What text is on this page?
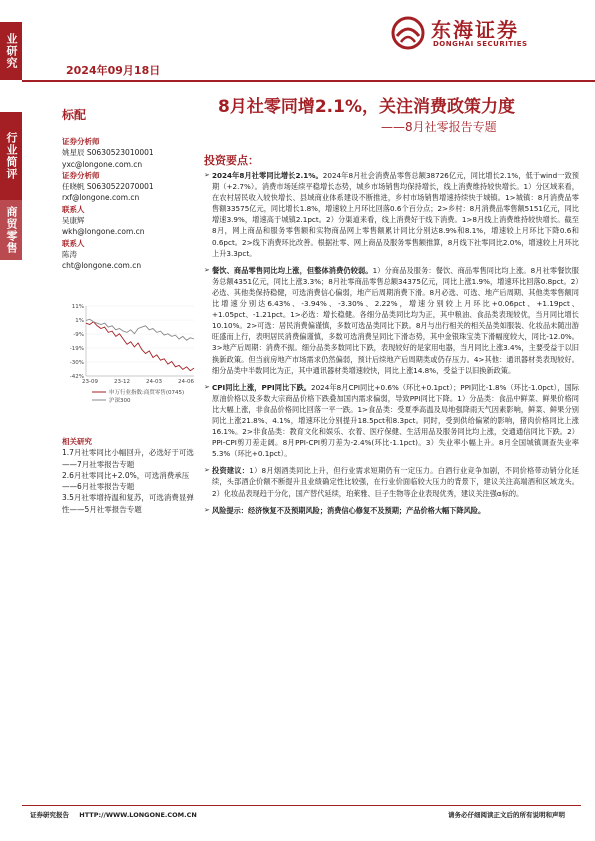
业研究
行业简评
商贸零售
2024年09月18日
东海证券
DONGHAI SECURITIES
标配	8月社零同增2.1%，关注消费政策力度
——8月社零报告专题
证券分析师
姚星辰 S0630523010001
yxc@longone.com.cn
证券分析师
任晓帆 S0630522070001
rxf@longone.com.cn
联系人
吴康辉
wkh@longone.com.cn
联系人
陈涛
cht@longone.com.cn
11%
1%
-9%
-19%
-30%
-42%
23-09	23-12	24-03	24-06
申万行业指数:商贸零售(0745)
沪深300
相关研究
1.7月社零同比小幅回升，必选好于可选——7月社零报告专题
2.6月社零同比+2.0%，可选消费承压——6月社零报告专题
3.5月社零增持温和复苏，可选消费显弹性——5月社零报告专题
投资要点：
➢ 2024年8月社零同比增长2.1%。2024年8月社会消费品零售总额38726亿元，同比增长2.1%，低于wind一致预期（+2.7%）。消费市场延续平稳增长态势，城乡市场销售均保持增长，线上消费维持较快增长。1）分区域来看，在农村居民收入较快增长、县域商业体系建设不断推进，乡村市场销售增速持续快于城镇。1>城镇：8月消费品零售额33575亿元，同比增长1.8%，增速较上月环比回落0.6个百分点；2>乡村：8月消费品零售额5151亿元，同比增速3.9%，增速高于城镇2.1pct。2）分渠道来看，线上消费好于线下消费。1>8月线上消费维持较快增长。截至8月，网上商品和服务零售额和实物商品网上零售额累计同比分别达8.9%和8.1%，增速较上月环比下降0.6和0.6pct。2>线下消费环比改善。根据社零、网上商品及服务零售额推算，8月线下社零同比2.0%，增速较上月环比上升3.3pct。
➢ 餐饮、商品零售同比均上涨，但整体消费仍较弱。1）分商品及服务：餐饮、商品零售同比均上涨。8月社零餐饮服务总额4351亿元，同比上涨3.3%；8月社零商品零售总额34375亿元，同比上涨1.9%，增速环比回落0.8pct。2）必选、其他类保持稳健，可选消费信心偏弱，地产后周期消费下滑。8月必选、可选、地产后周期、其他类零售额同比增速分别达6.43%、-3.94%、-3.30%、2.22%，增速分别较上月环比+0.06pct、+1.19pct、+1.05pct、-1.21pct。1>必选：增长稳健。各细分品类同比均为正，其中粮油、食品类表现较优，当月同比增长10.10%。2>可选：居民消费偏谨慎，多数可选品类同比下跌。8月与出行相关的相关品类如服装、化妆品未随出游旺盛而上行，表明居民消费偏谨慎，多数可选消费呈同比下滑态势，其中金银珠宝类下滑幅度较大，同比-12.0%。3>地产后周期：消费不振。细分品类多数同比下跌，表现较好的是家用电器，当月同比上涨3.4%，主要受益于以旧换新政策。但当前房地产市场需求仍然偏弱，预计后续地产后周期类或仍存压力。4>其他：通讯器材类表现较好。细分品类中半数同比为正，其中通讯器材类增速较快，同比上涨14.8%，受益于以旧换新政策。
➢ CPI同比上涨，PPI同比下跌。2024年8月CPI同比+0.6%（环比+0.1pct）；PPI同比-1.8%（环比-1.0pct），国际原油价格以及多数大宗商品价格下跌叠加国内需求偏弱，导致PPI同比下降。1）分品类：食品中鲜菜、鲜果价格同比大幅上涨，非食品价格同比回落一平一跌。1>食品类：受夏季高温及局地强降雨天气因素影响，鲜菜、鲜果分别同比上涨21.8%、4.1%，增速环比分别提升18.5pct和8.3pct。同时，受到供给偏紧的影响，猪肉价格同比上涨16.1%。2>非食品类：教育文化和娱乐、衣着、医疗保健、生活用品及服务同比均上涨，交通通信同比下跌。2）PPI-CPI剪刀差走阔。8月PPI-CPI剪刀差为-2.4%(环比-1.1pct)。3）失业率小幅上升。8月全国城镇调查失业率5.3%（环比+0.1pct）。
➢ 投资建议：1）8月烟酒类同比上升，但行业需求短期仍有一定压力。白酒行业竞争加剧，不同价格带动销分化延续，头部酒企价额不断提升且业绩确定性比较强，在行业价面临较大压力的背景下，建议关注高端酒和区域龙头。2）化妆品表现趋于分化，国产替代延续，珀莱雅、巨子生物等企业表现优秀，建议关注强α标的。
➢ 风险提示：经济恢复不及预期风险；消费信心修复不及预期；产品价格大幅下降风险。
证券研究报告 HTTP://WWW.LONGONE.COM.CN	请务必仔细阅读正文后的所有说明和声明
